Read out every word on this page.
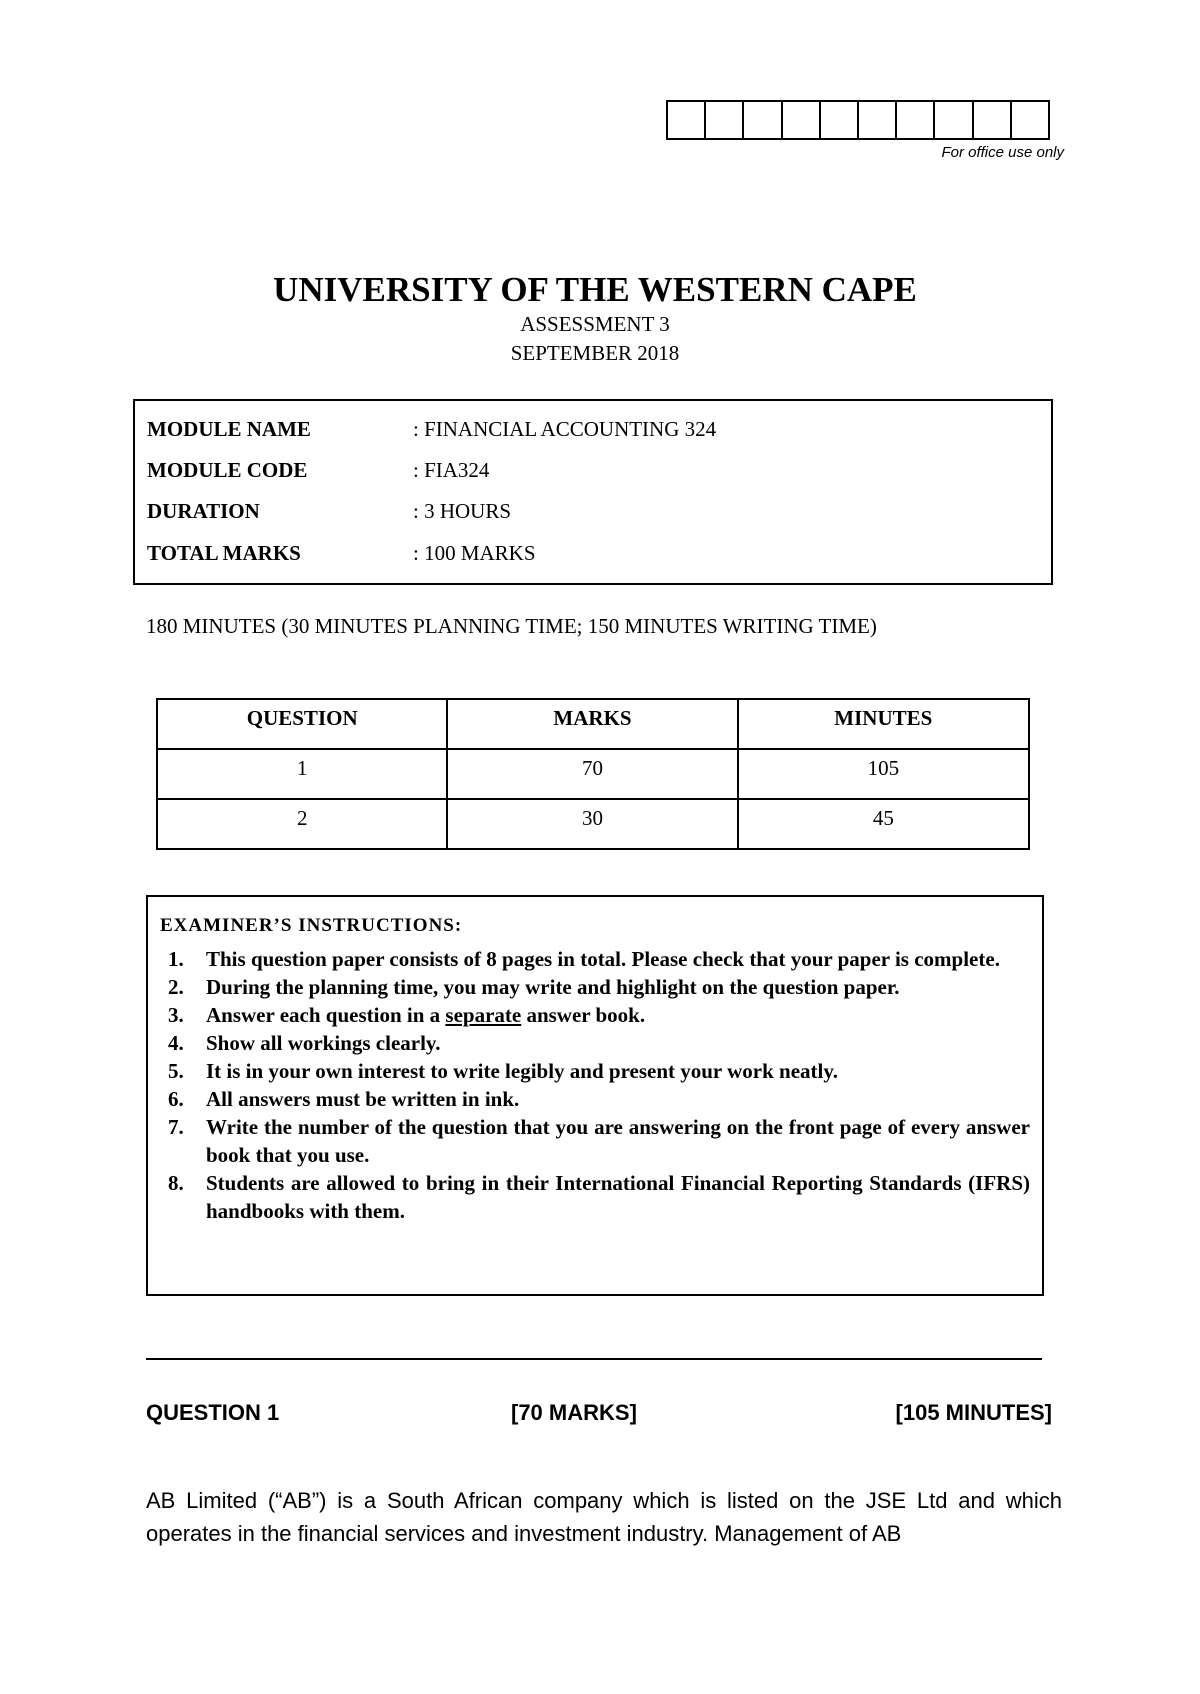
For office use only
UNIVERSITY OF THE WESTERN CAPE
ASSESSMENT 3
SEPTEMBER 2018
MODULE NAME	: FINANCIAL ACCOUNTING 324
MODULE CODE	: FIA324
DURATION	: 3 HOURS
TOTAL MARKS	: 100 MARKS
180 MINUTES (30 MINUTES PLANNING TIME; 150 MINUTES WRITING TIME)
QUESTION	MARKS	MINUTES
1	70	105
2	30	45
EXAMINER’S INSTRUCTIONS:
1. This question paper consists of 8 pages in total. Please check that your paper is complete.
2. During the planning time, you may write and highlight on the question paper.
3. Answer each question in a separate answer book.
4. Show all workings clearly.
5. It is in your own interest to write legibly and present your work neatly.
6. All answers must be written in ink.
7. Write the number of the question that you are answering on the front page of every answer book that you use.
8. Students are allowed to bring in their International Financial Reporting Standards (IFRS) handbooks with them.
QUESTION 1	[70 MARKS]	[105 MINUTES]
AB Limited (“AB”) is a South African company which is listed on the JSE Ltd and which operates in the financial services and investment industry. Management of AB
